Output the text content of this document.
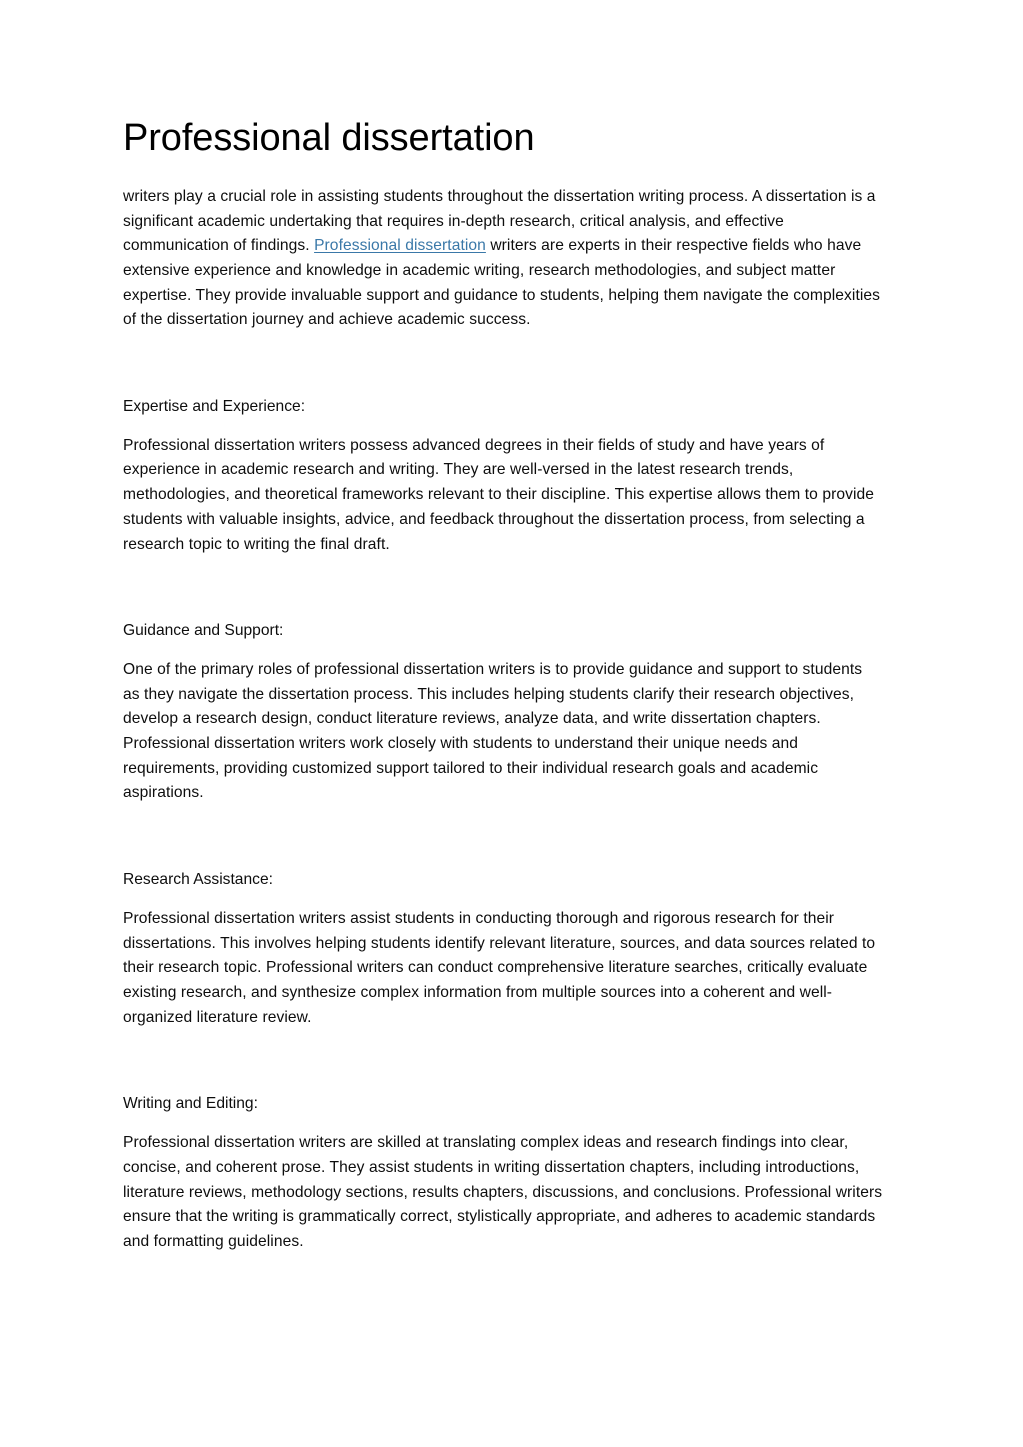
Professional dissertation

writers play a crucial role in assisting students throughout the dissertation writing process. A dissertation is a significant academic undertaking that requires in-depth research, critical analysis, and effective communication of findings. Professional dissertation writers are experts in their respective fields who have extensive experience and knowledge in academic writing, research methodologies, and subject matter expertise. They provide invaluable support and guidance to students, helping them navigate the complexities of the dissertation journey and achieve academic success.

Expertise and Experience:

Professional dissertation writers possess advanced degrees in their fields of study and have years of experience in academic research and writing. They are well-versed in the latest research trends, methodologies, and theoretical frameworks relevant to their discipline. This expertise allows them to provide students with valuable insights, advice, and feedback throughout the dissertation process, from selecting a research topic to writing the final draft.

Guidance and Support:

One of the primary roles of professional dissertation writers is to provide guidance and support to students as they navigate the dissertation process. This includes helping students clarify their research objectives, develop a research design, conduct literature reviews, analyze data, and write dissertation chapters. Professional dissertation writers work closely with students to understand their unique needs and requirements, providing customized support tailored to their individual research goals and academic aspirations.

Research Assistance:

Professional dissertation writers assist students in conducting thorough and rigorous research for their dissertations. This involves helping students identify relevant literature, sources, and data sources related to their research topic. Professional writers can conduct comprehensive literature searches, critically evaluate existing research, and synthesize complex information from multiple sources into a coherent and well-organized literature review.

Writing and Editing:

Professional dissertation writers are skilled at translating complex ideas and research findings into clear, concise, and coherent prose. They assist students in writing dissertation chapters, including introductions, literature reviews, methodology sections, results chapters, discussions, and conclusions. Professional writers ensure that the writing is grammatically correct, stylistically appropriate, and adheres to academic standards and formatting guidelines.
